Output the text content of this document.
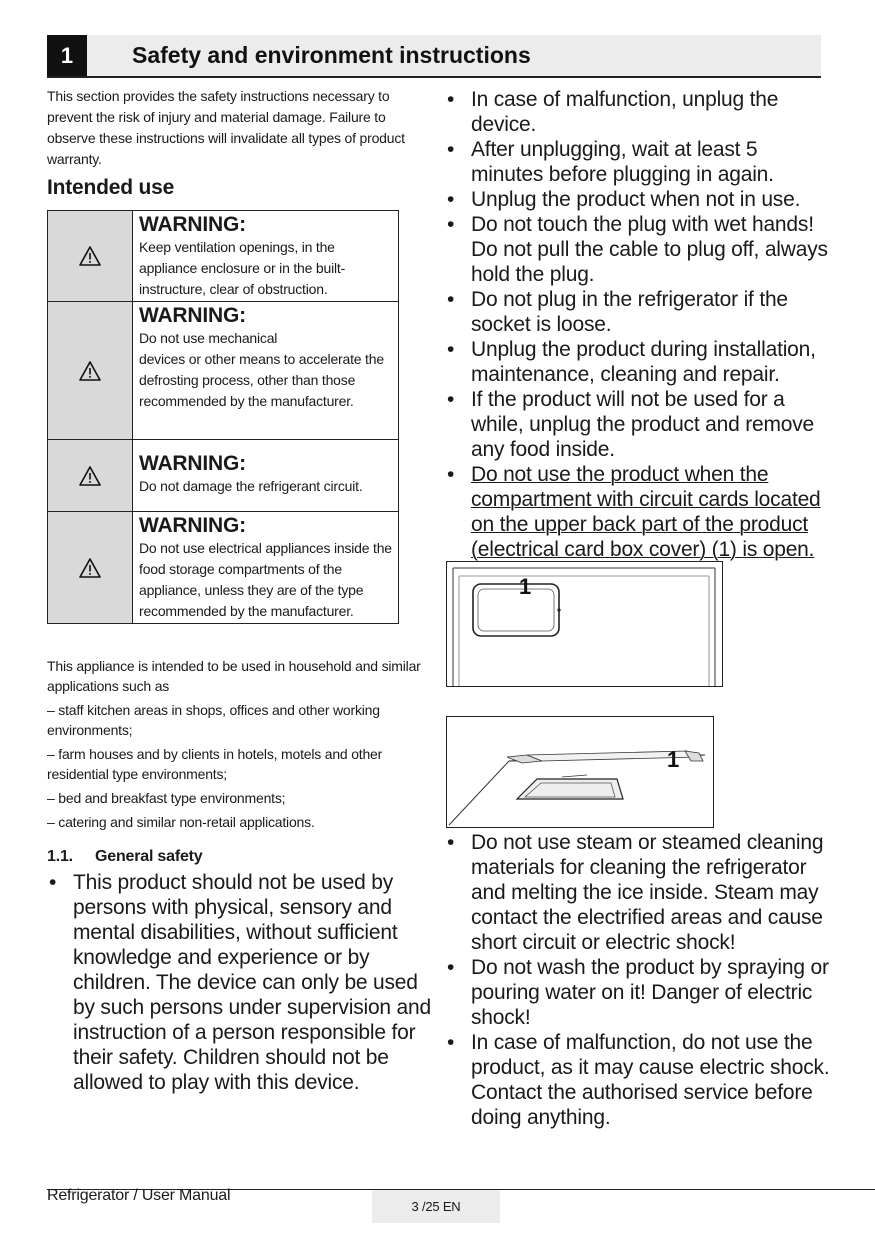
1	Safety and environment instructions
This section provides the safety instructions necessary to prevent the risk of injury and material damage. Failure to observe these instructions will invalidate all types of product warranty.
Intended use
WARNING:
Keep ventilation openings, in the appliance enclosure or in the built-instructure, clear of obstruction.
WARNING:
Do not use mechanical
devices or other means to accelerate the defrosting process, other than those recommended by the manufacturer.
WARNING:
Do not damage the refrigerant circuit.
WARNING:
Do not use electrical appliances inside the food storage compartments of the appliance, unless they are of the type recommended by the manufacturer.

This appliance is intended to be used in household and similar applications such as

– staff kitchen areas in shops, offices and other working environments;

– farm houses and by clients in hotels, motels and other residential type environments;

– bed and breakfast type environments;

– catering and similar non-retail applications.

1.1. General safety
• This product should not be used by persons with physical, sensory and mental disabilities, without sufficient knowledge and experience or by children. The device can only be used by such persons under supervision and instruction of a person responsible for their safety. Children should not be allowed to play with this device.
• In case of malfunction, unplug the device.
• After unplugging, wait at least 5 minutes before plugging in again.
• Unplug the product when not in use.
• Do not touch the plug with wet hands! Do not pull the cable to plug off, always hold the plug.
• Do not plug in the refrigerator if the socket is loose.
• Unplug the product during installation, maintenance, cleaning and repair.
• If the product will not be used for a while, unplug the product and remove any food inside.
• Do not use the product when the compartment with circuit cards located on the upper back part of the product (electrical card box cover) (1) is open.
1
1
• Do not use steam or steamed cleaning materials for cleaning the refrigerator and melting the ice inside. Steam may contact the electrified areas and cause short circuit or electric shock!
• Do not wash the product by spraying or pouring water on it! Danger of electric shock!
• In case of malfunction, do not use the product, as it may cause electric shock. Contact the authorised service before doing anything.
Refrigerator / User Manual
3 /25 EN
